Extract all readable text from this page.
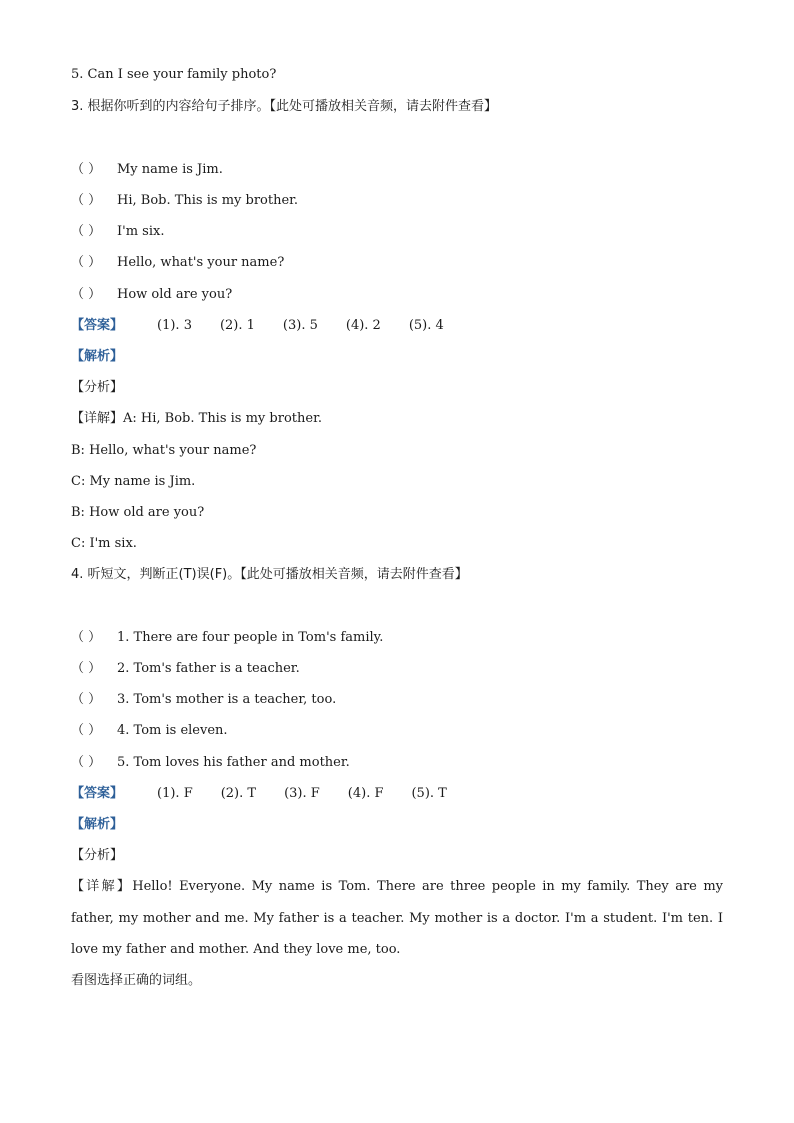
5. Can I see your family photo?
3. 根据你听到的内容给句子排序。【此处可播放相关音频，请去附件查看】
（ ） My name is Jim.
（ ） Hi, Bob. This is my brother.
（ ） I'm six.
（ ） Hello, what's your name?
（ ） How old are you?
【答案】	(1). 3 (2). 1 (3). 5 (4). 2 (5). 4
【解析】
【分析】
【详解】A: Hi, Bob. This is my brother.
B: Hello, what's your name?
C: My name is Jim.
B: How old are you?
C: I'm six.
4. 听短文，判断正(T)误(F)。【此处可播放相关音频，请去附件查看】
（ ） 1. There are four people in Tom's family.
（ ） 2. Tom's father is a teacher.
（ ） 3. Tom's mother is a teacher, too.
（ ） 4. Tom is eleven.
（ ） 5. Tom loves his father and mother.
【答案】	(1). F (2). T (3). F (4). F (5). T
【解析】
【分析】
【详解】Hello! Everyone. My name is Tom. There are three people in my family. They are my father, my mother and me. My father is a teacher. My mother is a doctor. I'm a student. I'm ten. I love my father and mother. And they love me, too.
看图选择正确的词组。
